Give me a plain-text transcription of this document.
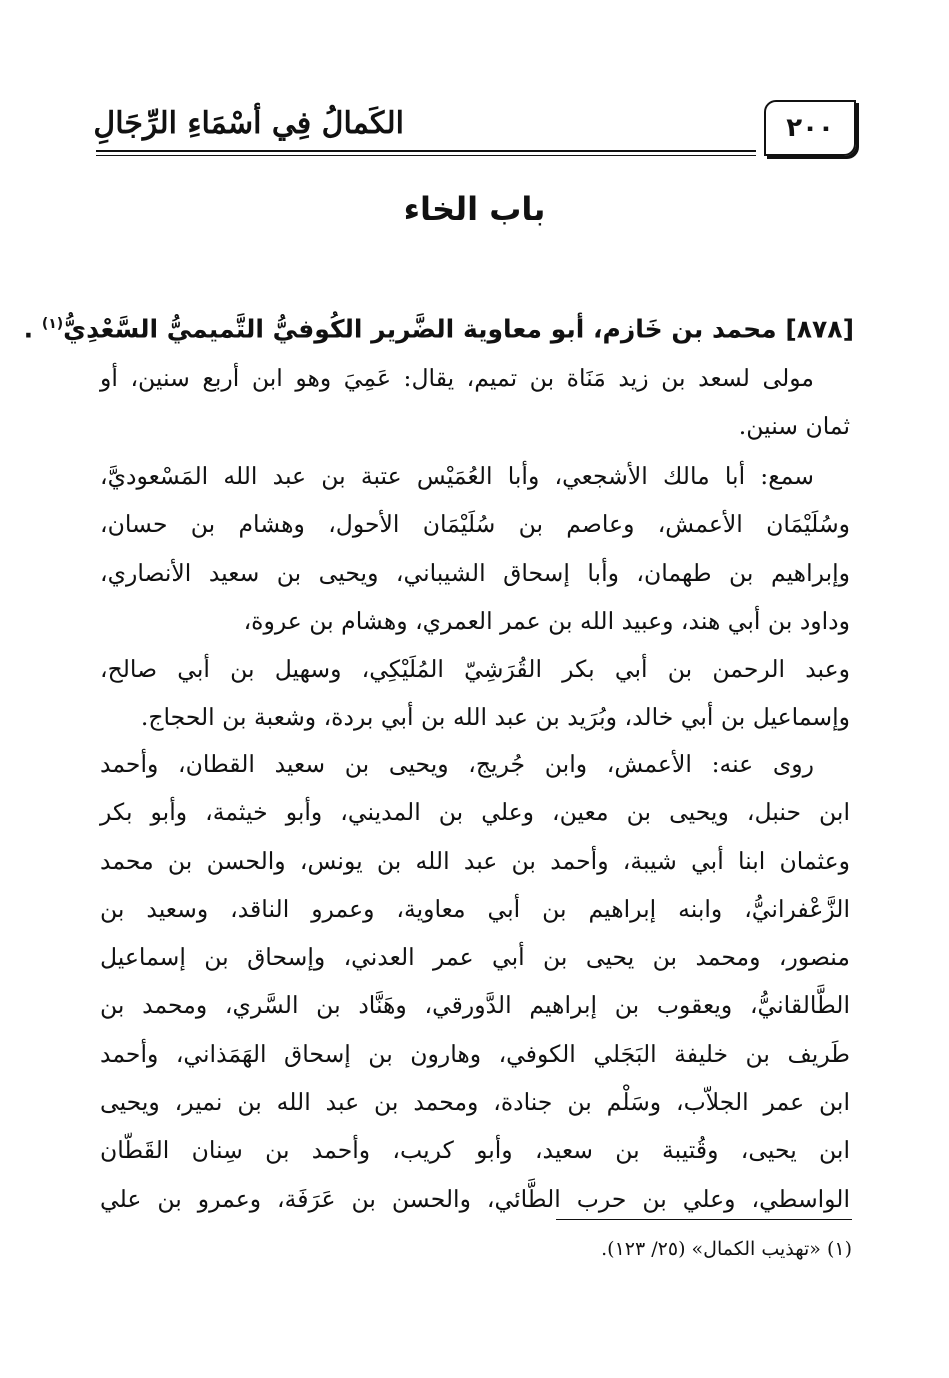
٢٠٠
الكَمالُ فِي أسْمَاءِ الرِّجَالِ
باب الخاء
[٨٧٨] محمد بن خَازم، أبو معاوية الضَّرير الكُوفيُّ التَّميميُّ السَّعْدِيُّ$^{(١)}$ .
مولى لسعد بن زيد مَنَاة بن تميم، يقال: عَمِيَ وهو ابن أربع سنين، أو
ثمان سنين.
سمع: أبا مالك الأشجعي، وأبا العُمَيْس عتبة بن عبد الله المَسْعوديَّ،
وسُلَيْمَان الأعمش، وعاصم بن سُلَيْمَان الأحول، وهشام بن حسان،
وإبراهيم بن طهمان، وأبا إسحاق الشيباني، ويحيى بن سعيد الأنصاري،
وداود بن أبي هند، وعبيد الله بن عمر العمري، وهشام بن عروة،
وعبد الرحمن بن أبي بكر القُرَشِيّ المُلَيْكِي، وسهيل بن أبي صالح،
وإسماعيل بن أبي خالد، وبُرَيد بن عبد الله بن أبي بردة، وشعبة بن الحجاج.
روى عنه: الأعمش، وابن جُريج، ويحيى بن سعيد القطان، وأحمد
ابن حنبل، ويحيى بن معين، وعلي بن المديني، وأبو خيثمة، وأبو بكر
وعثمان ابنا أبي شيبة، وأحمد بن عبد الله بن يونس، والحسن بن محمد
الزَّعْفرانيُّ، وابنه إبراهيم بن أبي معاوية، وعمرو الناقد، وسعيد بن
منصور، ومحمد بن يحيى بن أبي عمر العدني، وإسحاق بن إسماعيل
الطَّالقانيُّ، ويعقوب بن إبراهيم الدَّورقي، وهَنَّاد بن السَّري، ومحمد بن
طَريف بن خليفة البَجَلي الكوفي، وهارون بن إسحاق الهَمَذاني، وأحمد
ابن عمر الجلاّب، وسَلْم بن جنادة، ومحمد بن عبد الله بن نمير، ويحيى
ابن يحيى، وقُتيبة بن سعيد، وأبو كريب، وأحمد بن سِنان القَطّان
الواسطي، وعلي بن حرب الطَّائي، والحسن بن عَرَفَة، وعمرو بن علي
(١) «تهذيب الكمال» (٢٥/ ١٢٣).
